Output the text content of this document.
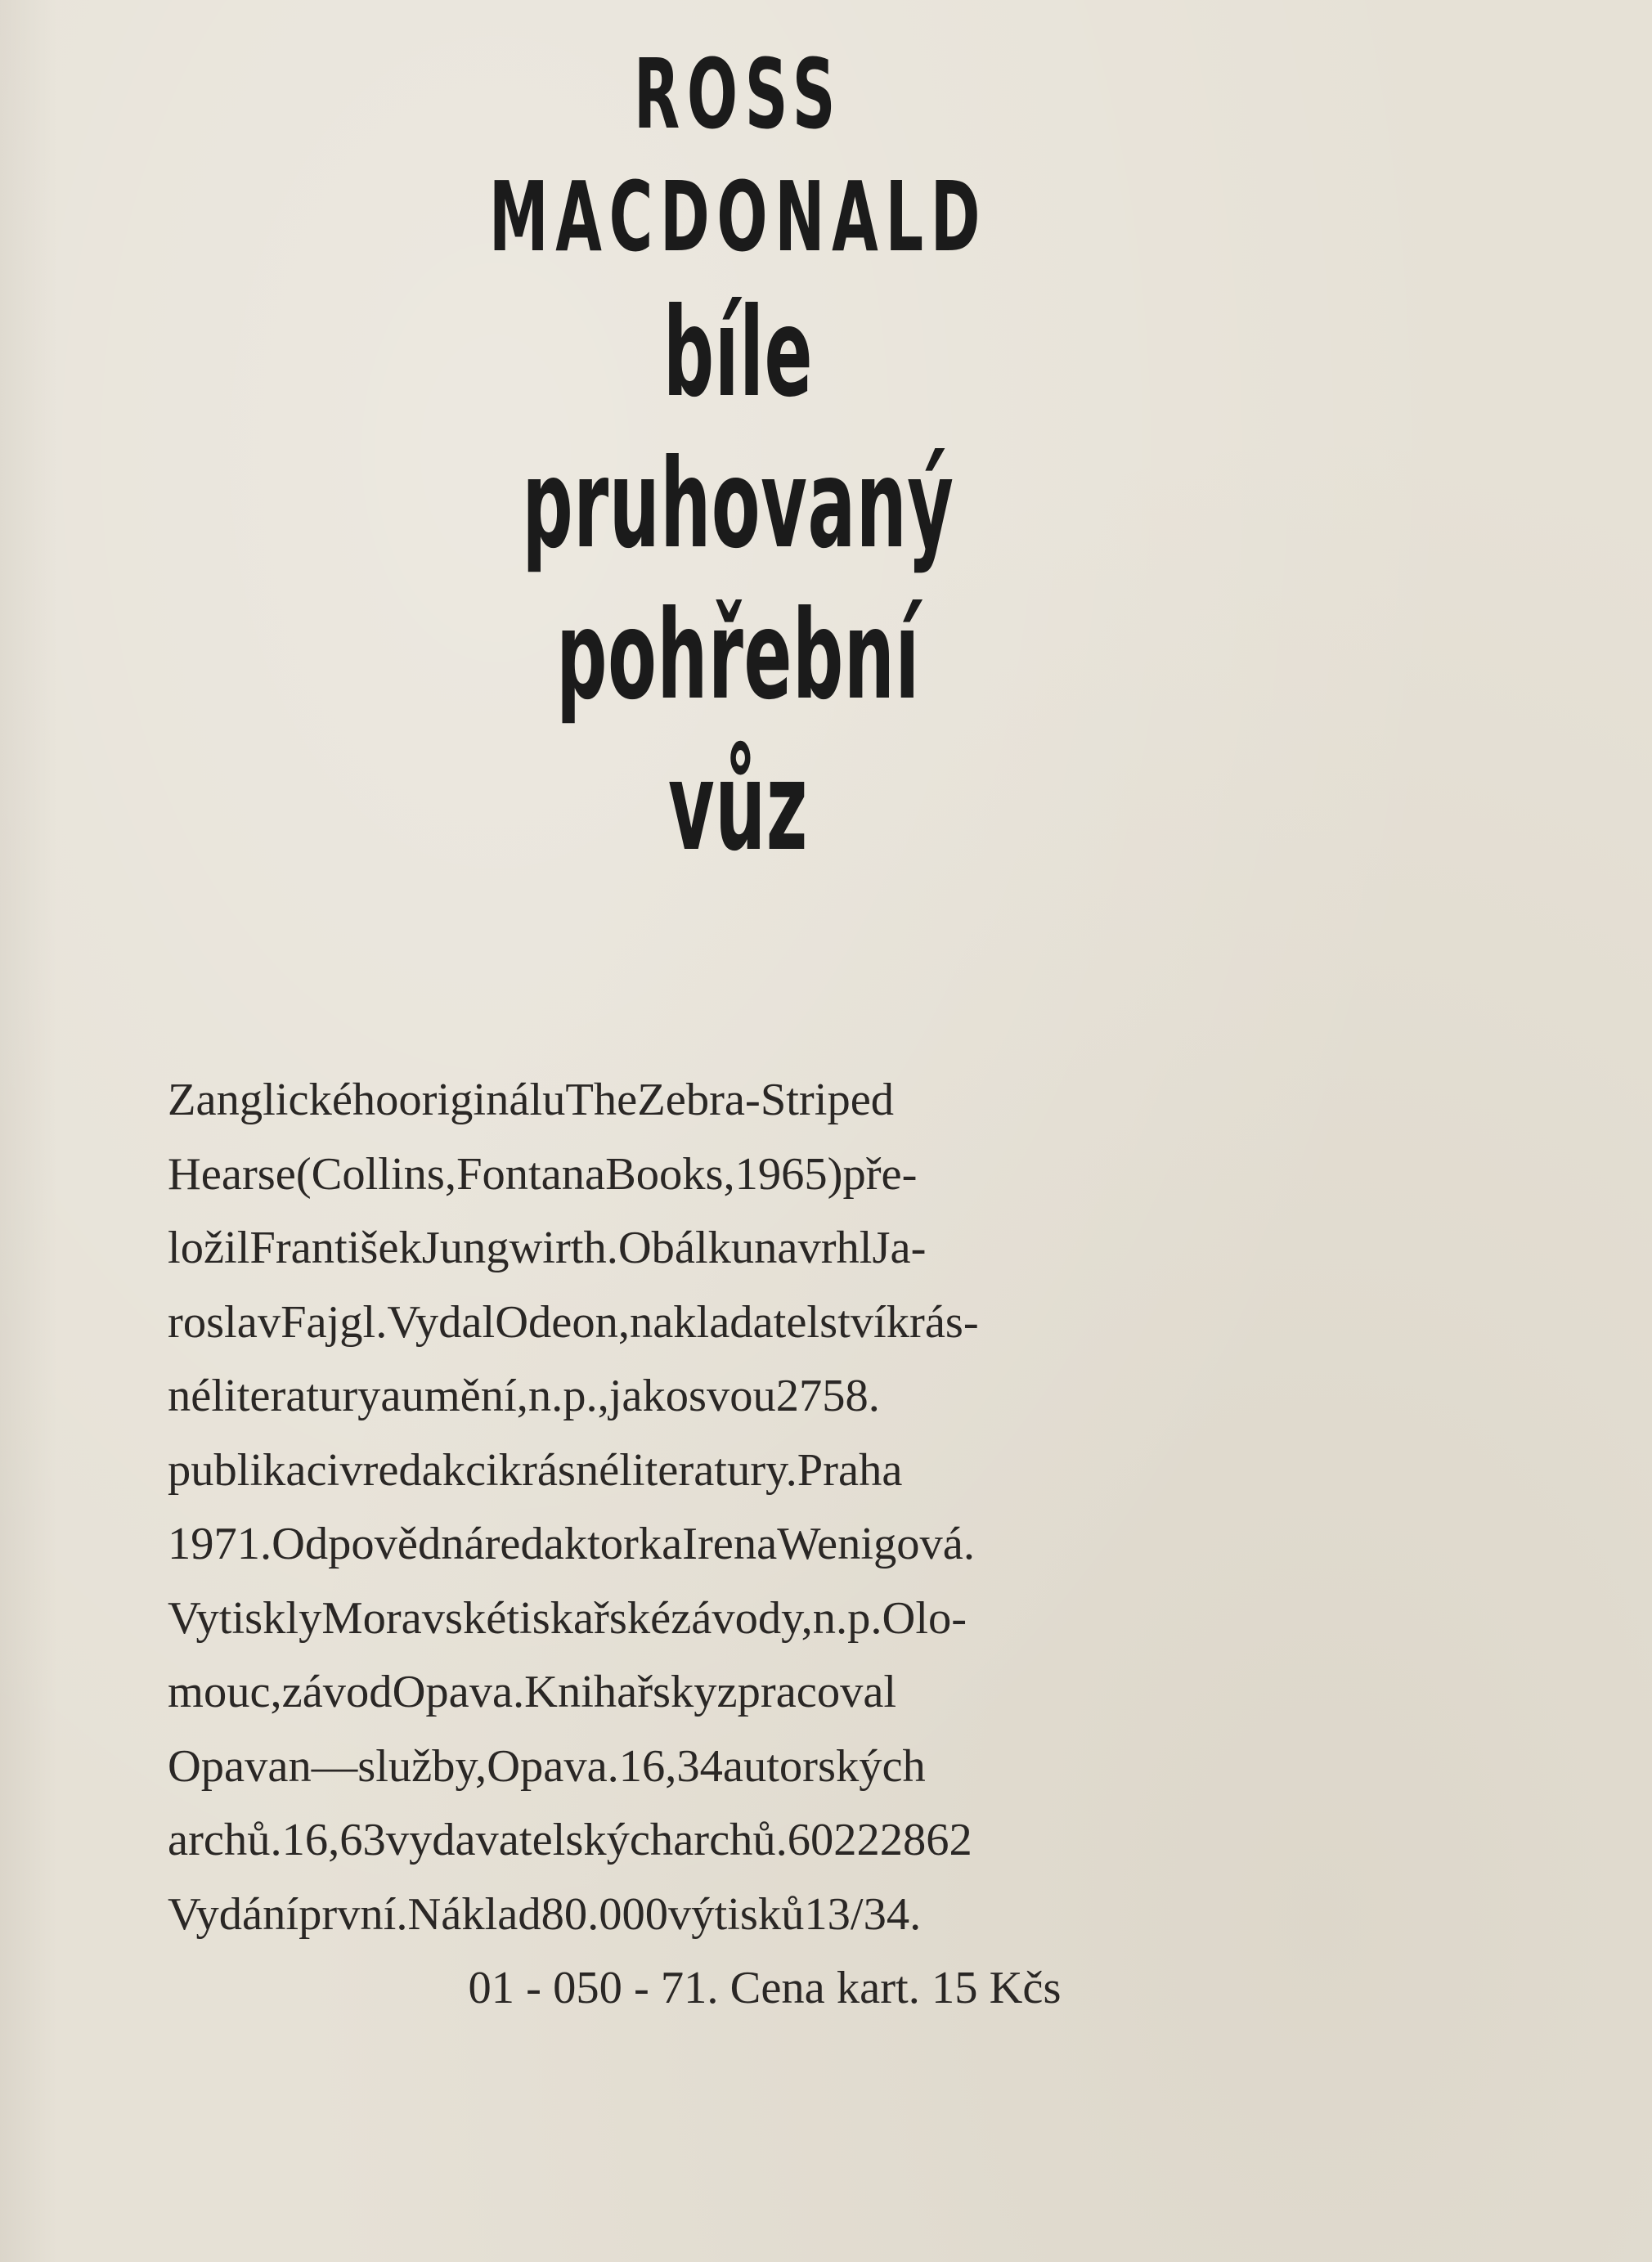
ROSS
MACDONALD
bíle
pruhovaný
pohřební
vůz
ZanglickéhoorigináluTheZebra-Striped
Hearse(Collins,FontanaBooks,1965)pře-
ložilFrantišekJungwirth.ObálkunavrhlJa-
roslavFajgl.VydalOdeon,nakladatelstvíkrás-
néliteraturyaumění,n.p.,jakosvou2758.
publikacivredakcikrásnéliteratury.Praha
1971.OdpovědnáredaktorkaIrenaWenigová.
VytisklyMoravskétiskařskézávody,n.p.Olo-
mouc,závodOpava.Knihařskyzpracoval
Opavan—služby,Opava.16,34autorských
archů.16,63vydavatelskýcharchů.60222862
Vydáníprvní.Náklad80.000výtisků13/34.
01 - 050 - 71. Cena kart. 15 Kčs
